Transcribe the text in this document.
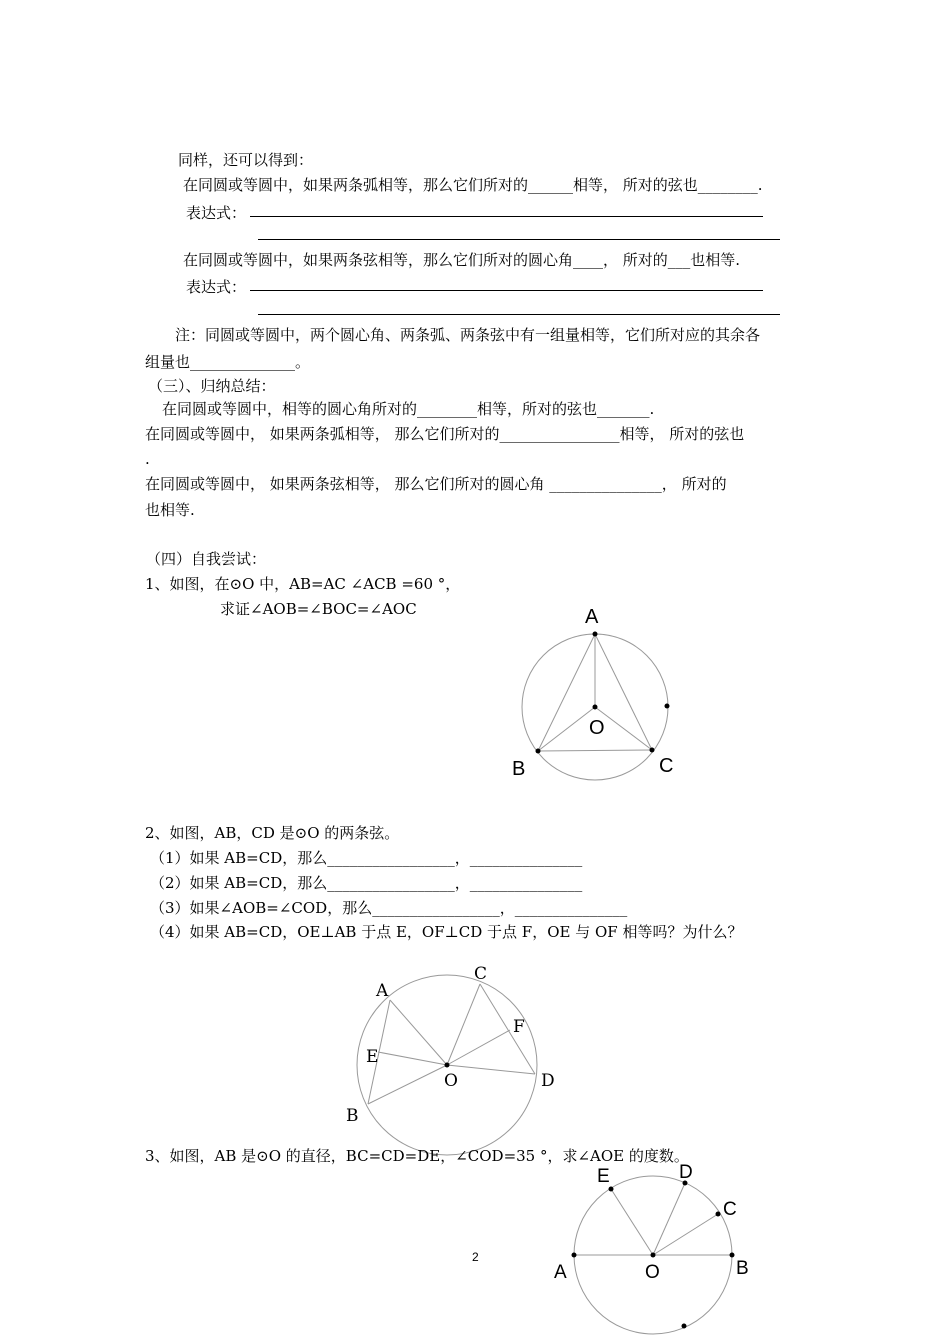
同样，还可以得到：
在同圆或等圆中，如果两条弧相等，那么它们所对的______相等， 所对的弦也________.
表达式：
在同圆或等圆中，如果两条弦相等，那么它们所对的圆心角____， 所对的___也相等.
表达式：
注：同圆或等圆中，两个圆心角、两条弧、两条弦中有一组量相等，它们所对应的其余各
组量也______________。
（三）、归纳总结：
在同圆或等圆中，相等的圆心角所对的________相等，所对的弦也_______.
在同圆或等圆中， 如果两条弧相等， 那么它们所对的________________相等， 所对的弦也
.
在同圆或等圆中， 如果两条弦相等， 那么它们所对的圆心角 _______________， 所对的
也相等.
（四）自我尝试：
1、如图，在⊙O 中，AB=AC ∠ACB =60 °，
求证∠AOB=∠BOC=∠AOC	A
O
B	C
2、如图，AB，CD 是⊙O 的两条弦。
（1）如果 AB=CD，那么_________________，_______________
（2）如果 AB=CD，那么_________________，_______________
（3）如果∠AOB=∠COD，那么_________________，_______________
（4）如果 AB=CD，OE⊥AB 于点 E，OF⊥CD 于点 F，OE 与 OF 相等吗？为什么？
A
C
F
E
O	D
B
3、如图，AB 是⊙O 的直径，BC=CD=DE，∠COD=35 °，求∠AOE 的度数。
E	D
C
A	O	B
2
